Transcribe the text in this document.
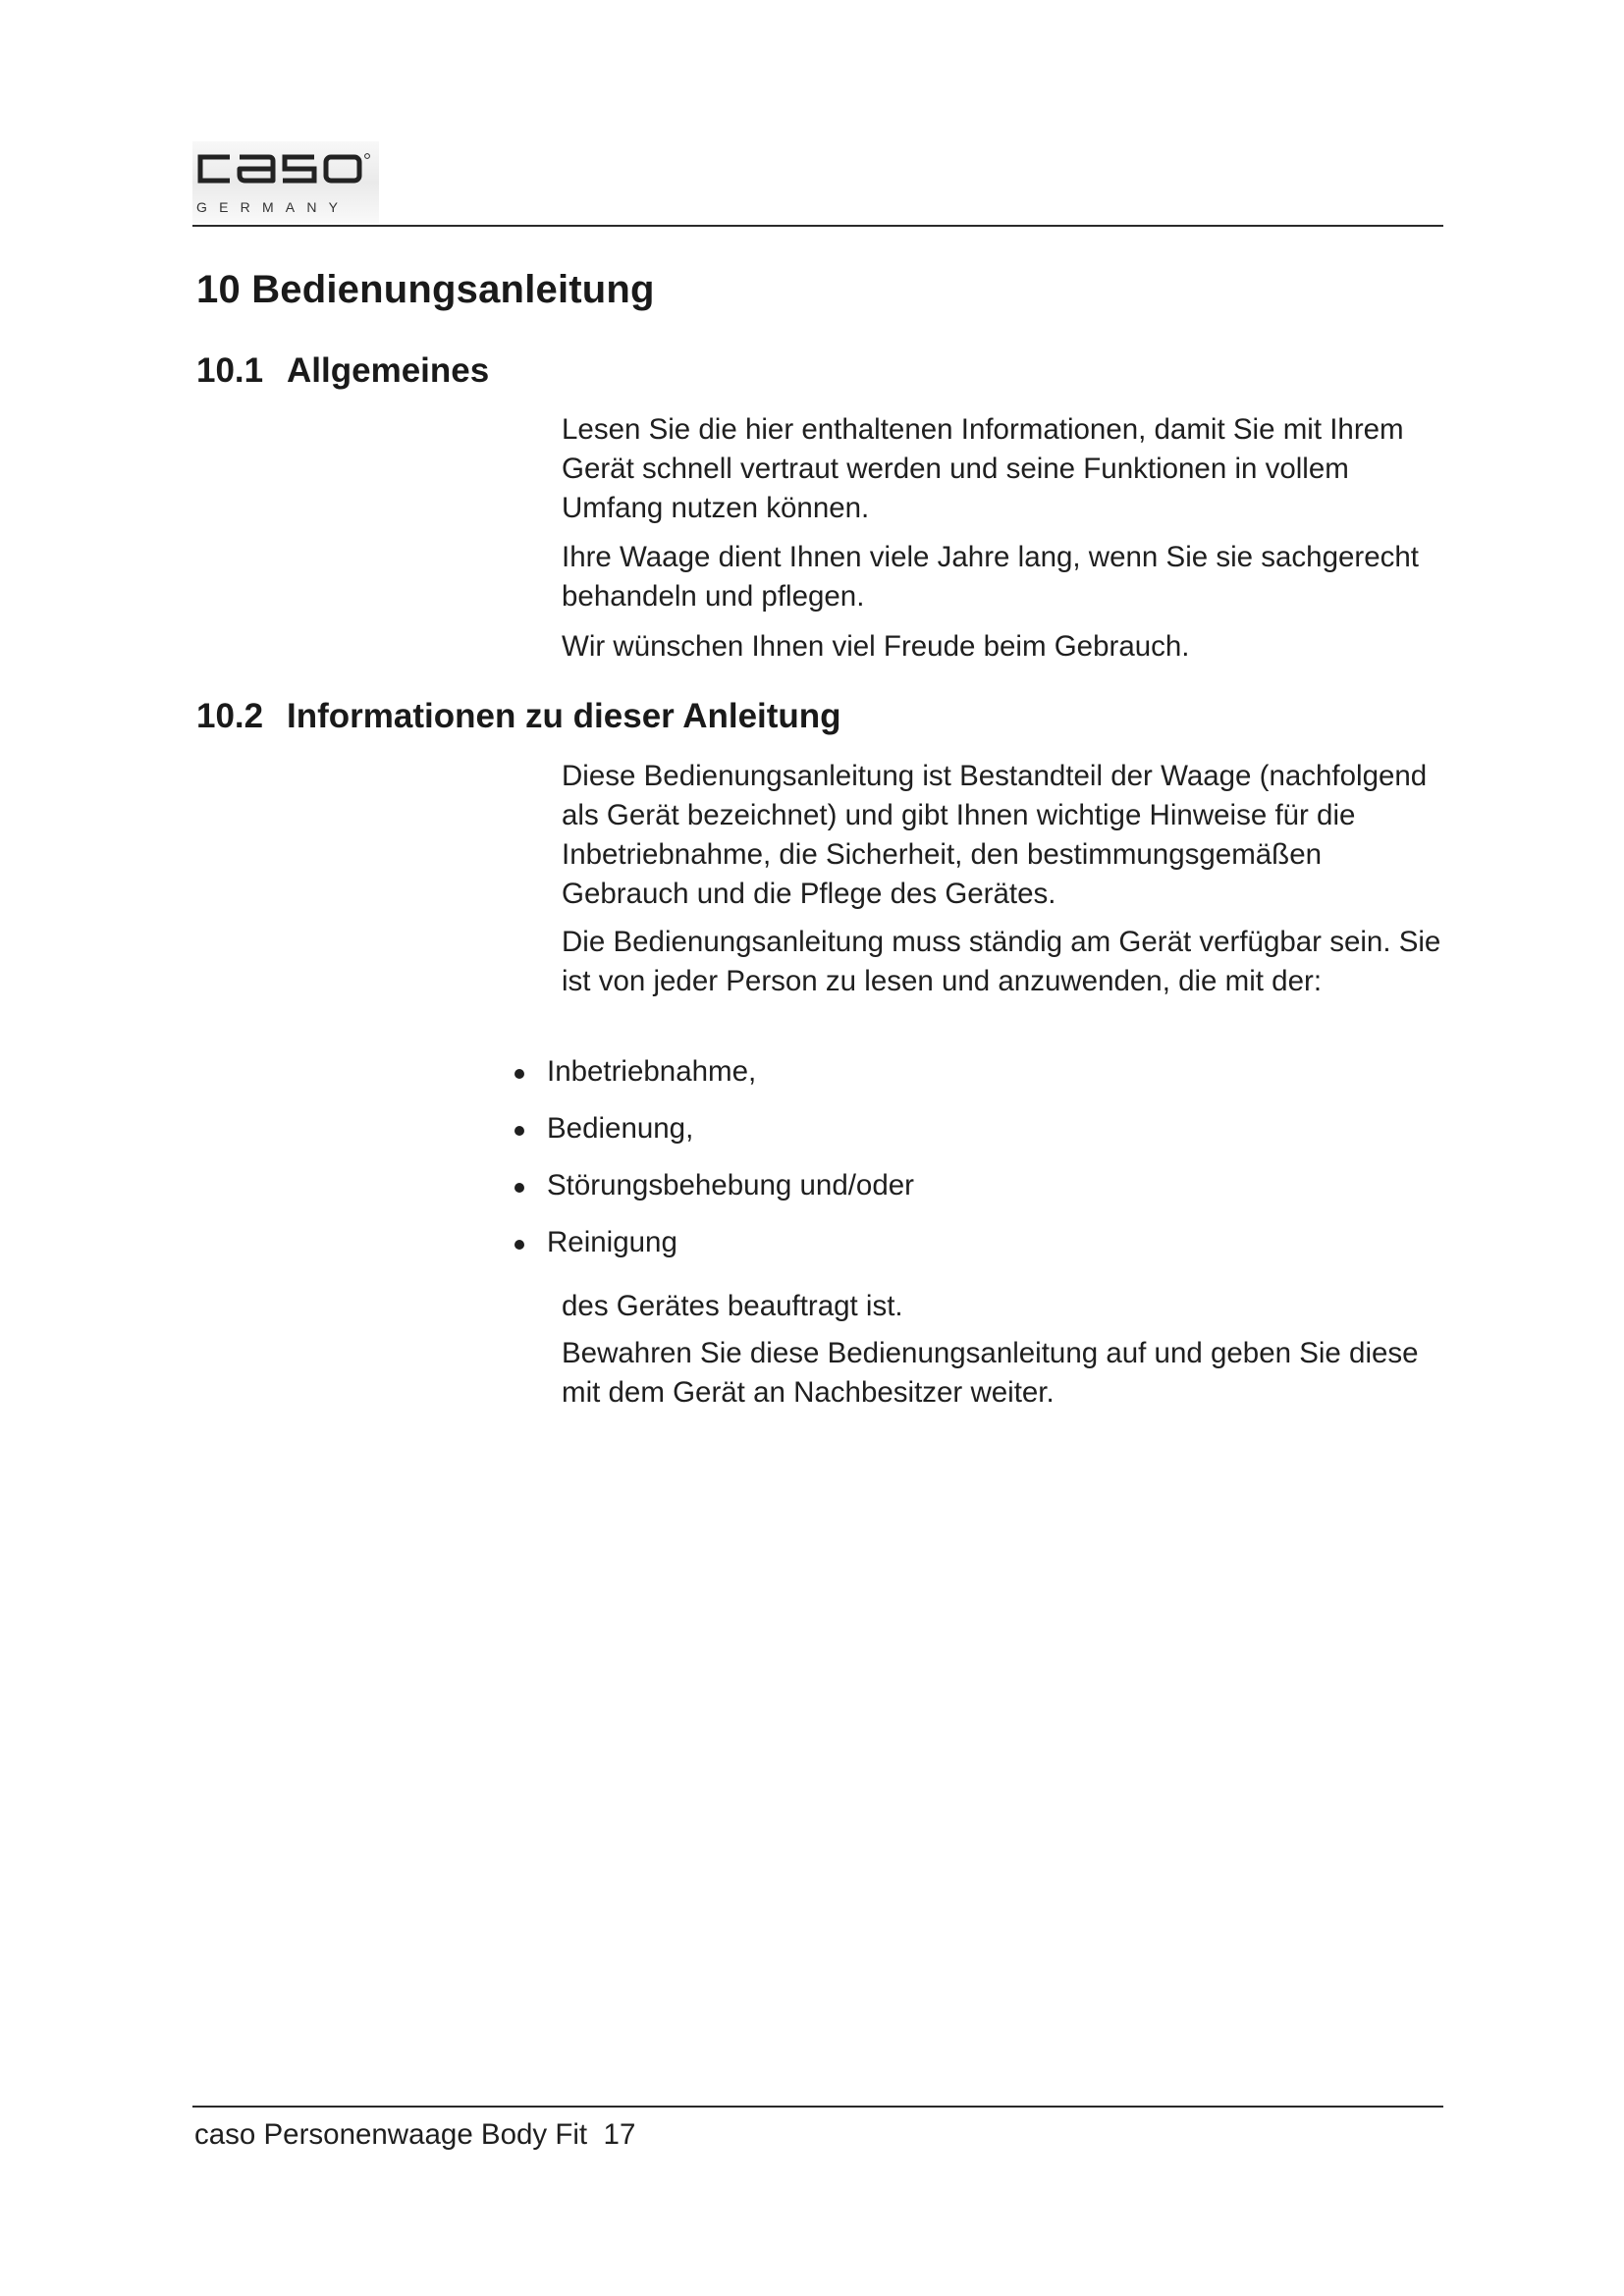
GERMANY
10 Bedienungsanleitung
10.1 Allgemeines

Lesen Sie die hier enthaltenen Informationen, damit Sie mit Ihrem Gerät schnell vertraut werden und seine Funktionen in vollem Umfang nutzen können.

Ihre Waage dient Ihnen viele Jahre lang, wenn Sie sie sachgerecht behandeln und pflegen.

Wir wünschen Ihnen viel Freude beim Gebrauch.

10.2 Informationen zu dieser Anleitung

Diese Bedienungsanleitung ist Bestandteil der Waage (nachfolgend als Gerät bezeichnet) und gibt Ihnen wichtige Hinweise für die Inbetriebnahme, die Sicherheit, den bestimmungsgemäßen Gebrauch und die Pflege des Gerätes.

Die Bedienungsanleitung muss ständig am Gerät verfügbar sein. Sie ist von jeder Person zu lesen und anzuwenden, die mit der:

Inbetriebnahme,
Bedienung,
Störungsbehebung und/oder
Reinigung

des Gerätes beauftragt ist.

Bewahren Sie diese Bedienungsanleitung auf und geben Sie diese mit dem Gerät an Nachbesitzer weiter.

caso Personenwaage Body Fit 17
